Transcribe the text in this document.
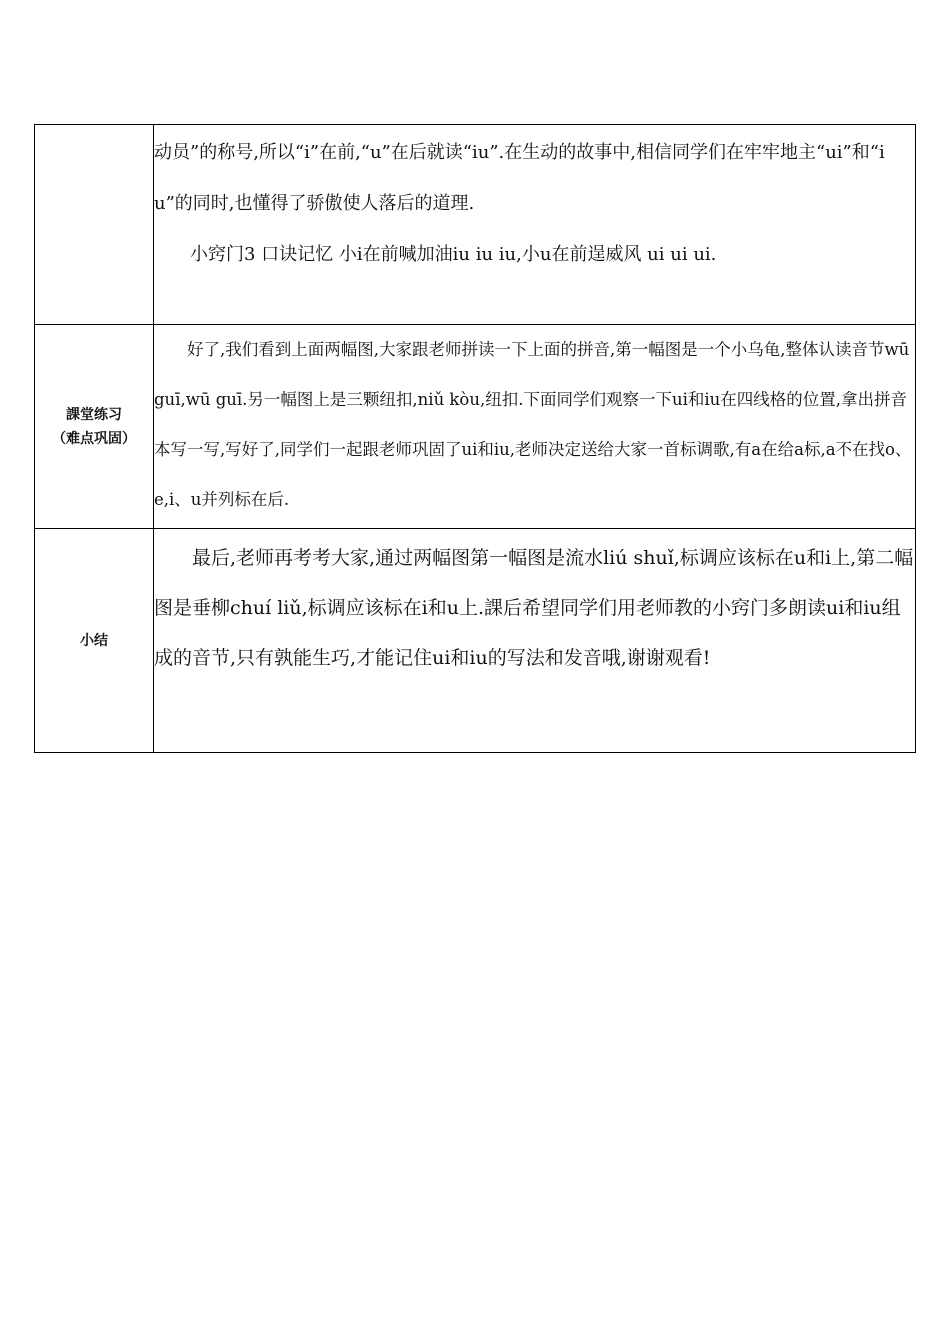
	动员”的称号,所以“i”在前,“u”在后就读“iu”.在生动的故事中,相信同学们在牢牢地主“ui”和“iu”的同时,也懂得了骄傲使人落后的道理.

小窍门3 口诀记忆 小i在前喊加油iu iu iu,小u在前逞威风 ui ui ui.

課堂练习
（难点巩固）	好了,我们看到上面两幅图,大家跟老师拼读一下上面的拼音,第一幅图是一个小乌龟,整体认读音节wū guī,wū guī.另一幅图上是三颗纽扣,niǔ kòu,纽扣.下面同学们观察一下ui和iu在四线格的位置,拿出拼音本写一写,写好了,同学们一起跟老师巩固了ui和iu,老师决定送给大家一首标调歌,有a在给a标,a不在找o、e,i、u并列标在后.

小结	最后,老师再考考大家,通过两幅图第一幅图是流水liú shuǐ,标调应该标在u和i上,第二幅图是垂柳chuí liǔ,标调应该标在i和u上.課后希望同学们用老师教的小窍门多朗读ui和iu组成的音节,只有孰能生巧,才能记住ui和iu的写法和发音哦,谢谢观看!
